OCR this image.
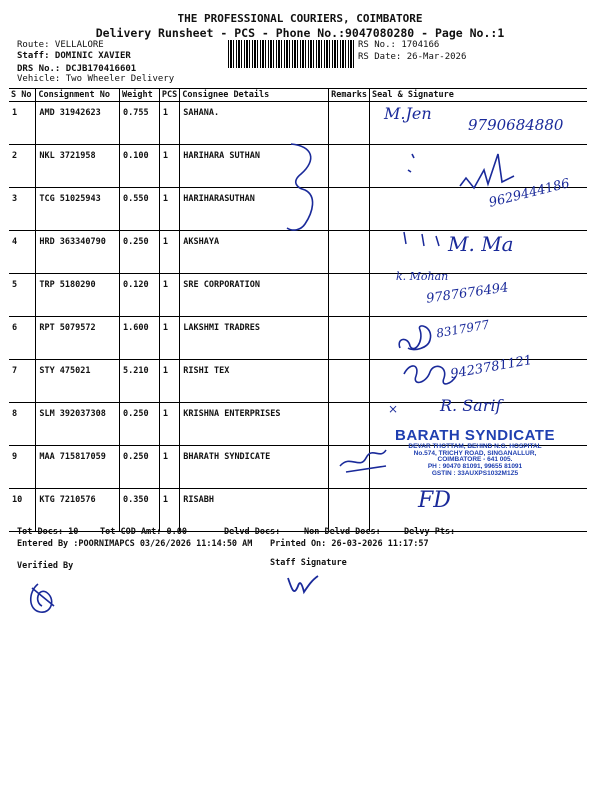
THE PROFESSIONAL COURIERS, COIMBATORE
Delivery Runsheet - PCS - Phone No.:9047080280 - Page No.:1
Route: VELLALORE
Staff: DOMINIC XAVIER
DRS No.: DCJB170416601
Vehicle: Two Wheeler Delivery
RS No.: 1704166
RS Date: 26-Mar-2026
S No	Consignment No	Weight	PCS	Consignee Details	Remarks	Seal & Signature
1	AMD 31942623	0.755	1	SAHANA.		
2	NKL 3721958	0.100	1	HARIHARA SUTHAN		
3	TCG 51025943	0.550	1	HARIHARASUTHAN		
4	HRD 363340790	0.250	1	AKSHAYA		
5	TRP 5180290	0.120	1	SRE CORPORATION		
6	RPT 5079572	1.600	1	LAKSHMI TRADRES		
7	STY 475021	5.210	1	RISHI TEX		
8	SLM 392037308	0.250	1	KRISHNA ENTERPRISES		
9	MAA 715817059	0.250	1	BHARATH SYNDICATE		
10	KTG 7210576	0.350	1	RISABH		
M.Jen
9790684880
9629444186
M. Ma
k. Mohan
9787676494
8317977
9423781121
×	R. Sarif
BARATH SYNDICATE
DEVAR THOTTAM, BEHIND N.G. HOSPITAL
No.574, TRICHY ROAD, SINGANALLUR,
COIMBATORE - 641 005.
PH : 90470 81091, 99655 81091
GSTIN : 33AUXPS1032M1Z5
FD
Tot Docs: 10	Tot COD Amt: 0.00	Delvd Docs:	Non Delvd Docs:	Delvy Pts:
Entered By :POORNIMAPCS 03/26/2026 11:14:50 AM Printed On: 26-03-2026 11:17:57
Verified By	Staff Signature
